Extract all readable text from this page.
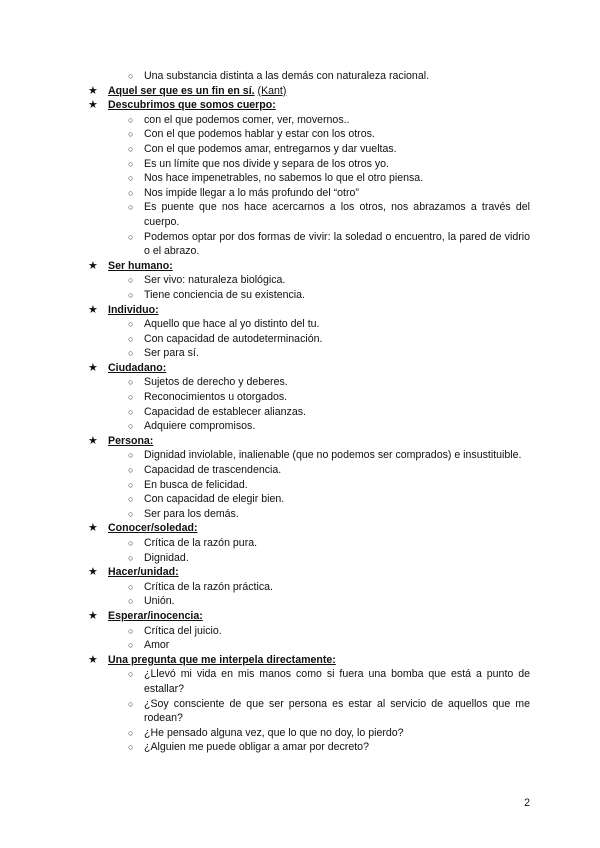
○ Una substancia distinta a las demás con naturaleza racional.
★ Aquel ser que es un fin en sí. (Kant)
★ Descubrimos que somos cuerpo:
○ con el que podemos comer, ver, movernos..
○ Con el que podemos hablar y estar con los otros.
○ Con el que podemos amar, entregarnos y dar vueltas.
○ Es un límite que nos divide y separa de los otros yo.
○ Nos hace impenetrables, no sabemos lo que el otro piensa.
○ Nos impide llegar a lo más profundo del “otro”
○ Es puente que nos hace acercarnos a los otros, nos abrazamos a través del cuerpo.
○ Podemos optar por dos formas de vivir: la soledad o encuentro, la pared de vidrio o el abrazo.
★ Ser humano:
○ Ser vivo: naturaleza biológica.
○ Tiene conciencia de su existencia.
★ Individuo:
○ Aquello que hace al yo distinto del tu.
○ Con capacidad de autodeterminación.
○ Ser para sí.
★ Ciudadano:
○ Sujetos de derecho y deberes.
○ Reconocimientos u otorgados.
○ Capacidad de establecer alianzas.
○ Adquiere compromisos.
★ Persona:
○ Dignidad inviolable, inalienable (que no podemos ser comprados) e insustituible.
○ Capacidad de trascendencia.
○ En busca de felicidad.
○ Con capacidad de elegir bien.
○ Ser para los demás.
★ Conocer/soledad:
○ Crítica de la razón pura.
○ Dignidad.
★ Hacer/unidad:
○ Crítica de la razón práctica.
○ Unión.
★ Esperar/inocencia:
○ Crítica del juicio.
○ Amor
★ Una pregunta que me interpela directamente:
○ ¿Llevó mi vida en mis manos como si fuera una bomba que está a punto de estallar?
○ ¿Soy consciente de que ser persona es estar al servicio de aquellos que me rodean?
○ ¿He pensado alguna vez, que lo que no doy, lo pierdo?
○ ¿Alguien me puede obligar a amar por decreto?
2
